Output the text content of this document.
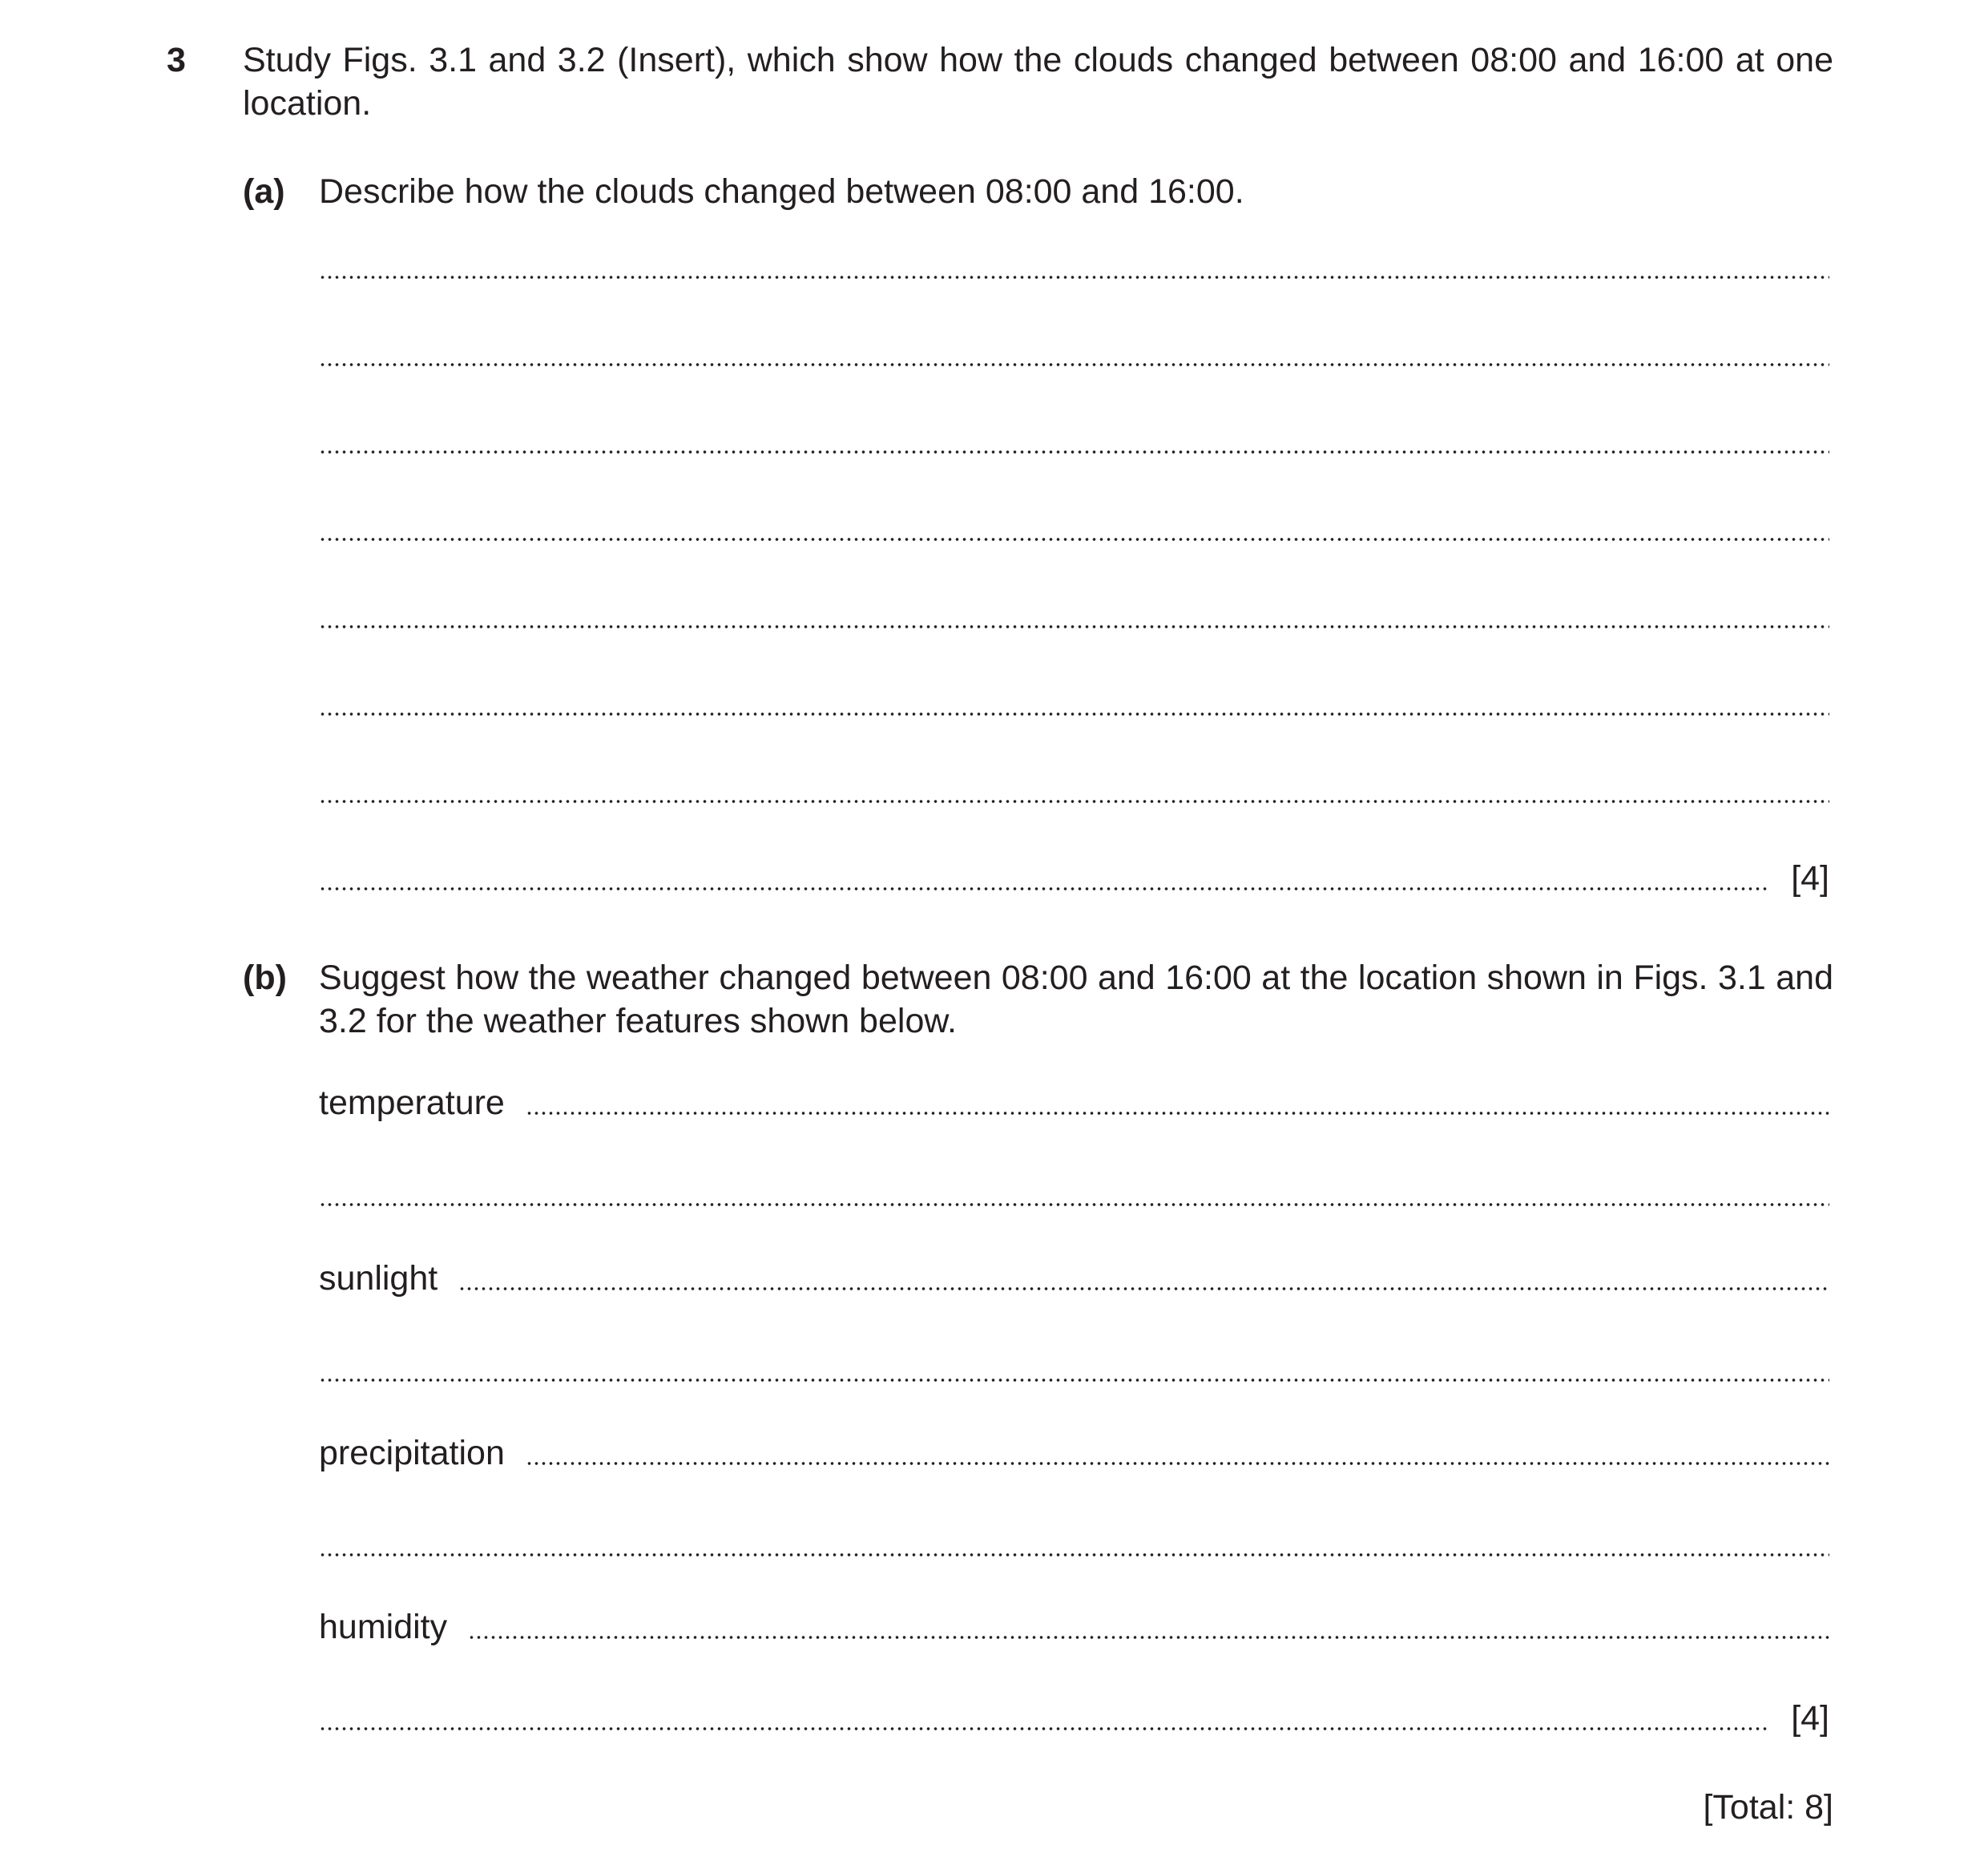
3 Study Figs. 3.1 and 3.2 (Insert), which show how the clouds changed between 08:00 and 16:00 at one location.
(a) Describe how the clouds changed between 08:00 and 16:00.
[4]
(b) Suggest how the weather changed between 08:00 and 16:00 at the location shown in Figs. 3.1 and 3.2 for the weather features shown below.
temperature
sunlight
precipitation
humidity
[4]
[Total: 8]
